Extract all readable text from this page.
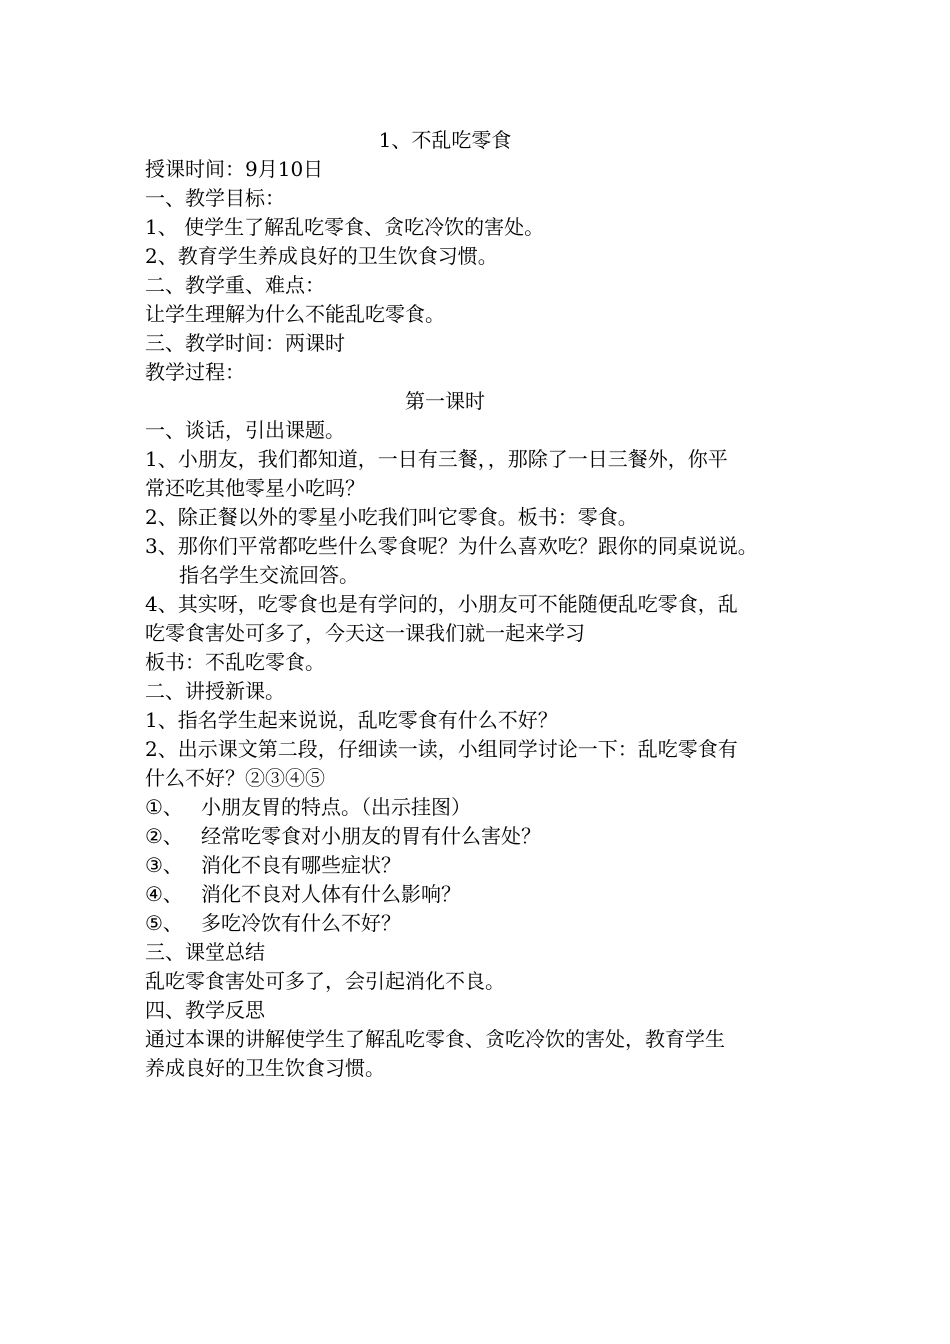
1、不乱吃零食
授课时间：9月10日
一、教学目标：
1、 使学生了解乱吃零食、贪吃冷饮的害处。
2、教育学生养成良好的卫生饮食习惯。
二、教学重、难点：
让学生理解为什么不能乱吃零食。
三、教学时间：两课时
教学过程：
第一课时
一、谈话，引出课题。
1、小朋友，我们都知道，一日有三餐，，那除了一日三餐外，你平
常还吃其他零星小吃吗？
2、除正餐以外的零星小吃我们叫它零食。板书：零食。
3、那你们平常都吃些什么零食呢？为什么喜欢吃？跟你的同桌说说。
指名学生交流回答。
4、其实呀，吃零食也是有学问的，小朋友可不能随便乱吃零食，乱
吃零食害处可多了，今天这一课我们就一起来学习
板书：不乱吃零食。
二、讲授新课。
1、指名学生起来说说，乱吃零食有什么不好？
2、出示课文第二段，仔细读一读，小组同学讨论一下：乱吃零食有
什么不好？②③④⑤
①、 小朋友胃的特点。（出示挂图）
②、 经常吃零食对小朋友的胃有什么害处？
③、 消化不良有哪些症状？
④、 消化不良对人体有什么影响？
⑤、 多吃冷饮有什么不好？
三、课堂总结
乱吃零食害处可多了，会引起消化不良。
四、教学反思
通过本课的讲解使学生了解乱吃零食、贪吃冷饮的害处，教育学生
养成良好的卫生饮食习惯。
